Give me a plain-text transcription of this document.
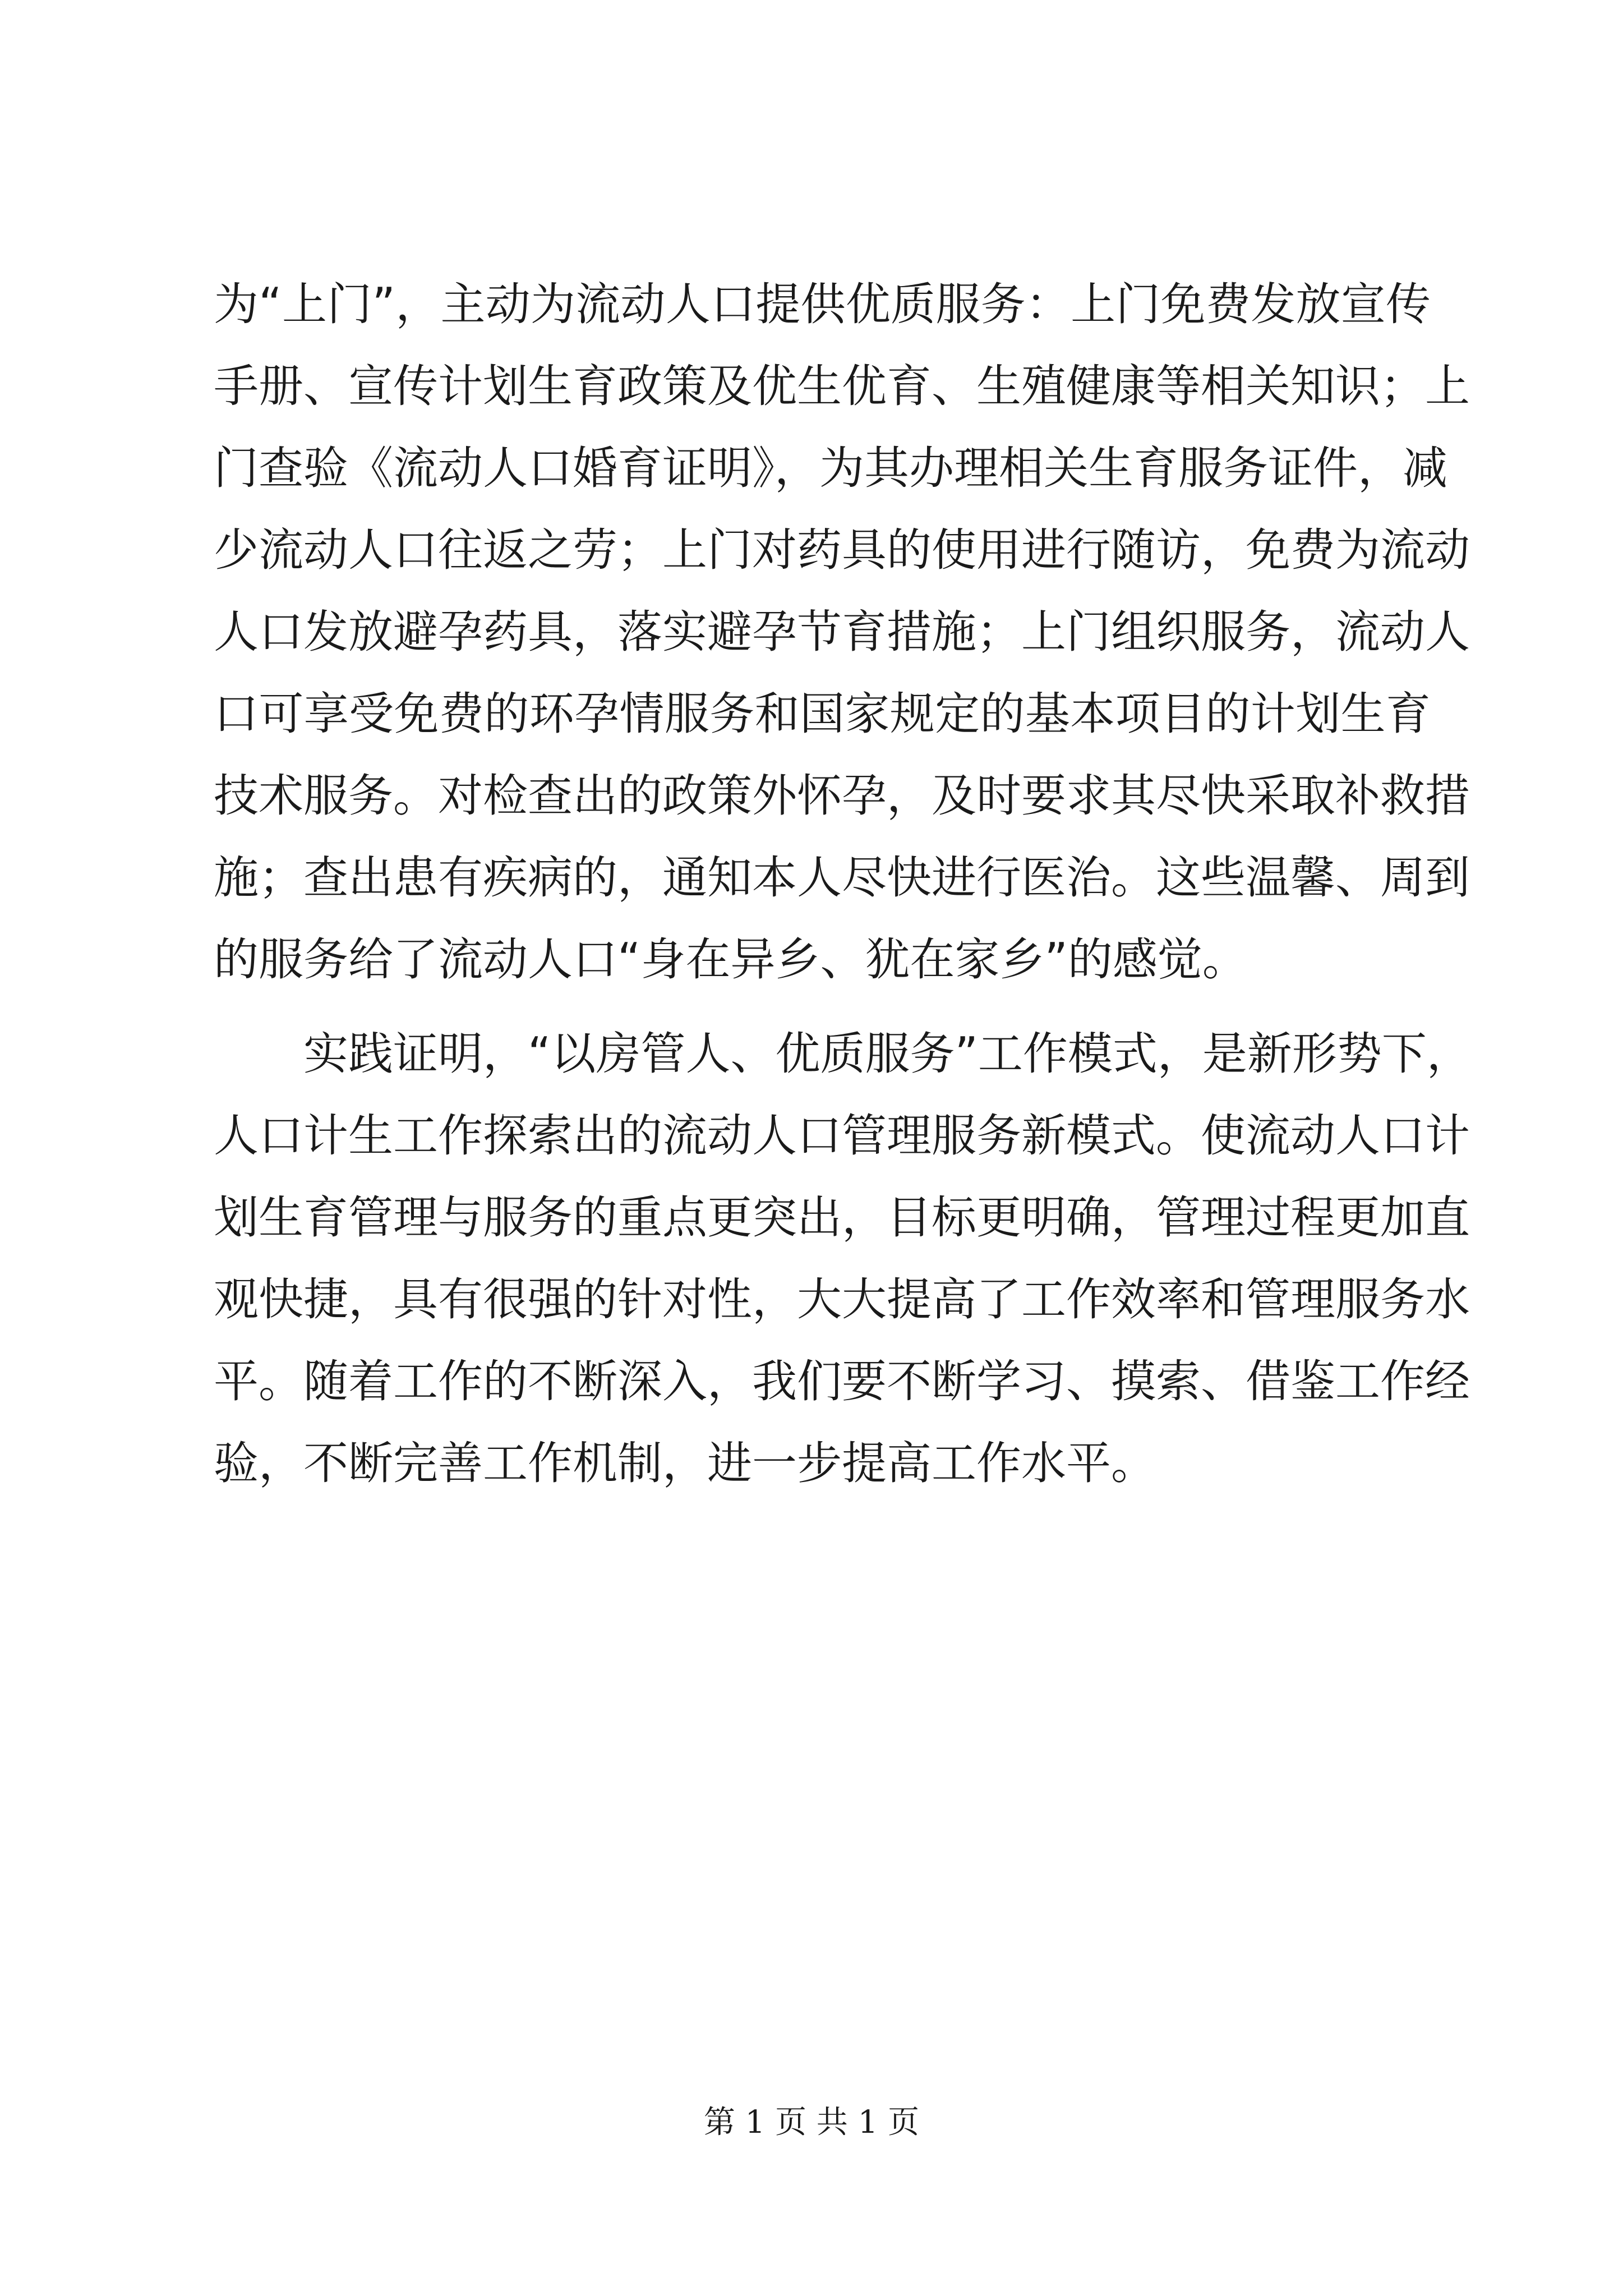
为“上门”，主动为流动人口提供优质服务：上门免费发放宣传
手册、宣传计划生育政策及优生优育、生殖健康等相关知识；上
门查验《流动人口婚育证明》，为其办理相关生育服务证件，减
少流动人口往返之劳；上门对药具的使用进行随访，免费为流动
人口发放避孕药具，落实避孕节育措施；上门组织服务，流动人
口可享受免费的环孕情服务和国家规定的基本项目的计划生育
技术服务。对检查出的政策外怀孕，及时要求其尽快采取补救措
施；查出患有疾病的，通知本人尽快进行医治。这些温馨、周到
的服务给了流动人口“身在异乡、犹在家乡”的感觉。
实践证明，“以房管人、优质服务”工作模式，是新形势下，
人口计生工作探索出的流动人口管理服务新模式。使流动人口计
划生育管理与服务的重点更突出，目标更明确，管理过程更加直
观快捷，具有很强的针对性，大大提高了工作效率和管理服务水
平。随着工作的不断深入，我们要不断学习、摸索、借鉴工作经
验，不断完善工作机制，进一步提高工作水平。
第 1 页 共 1 页
